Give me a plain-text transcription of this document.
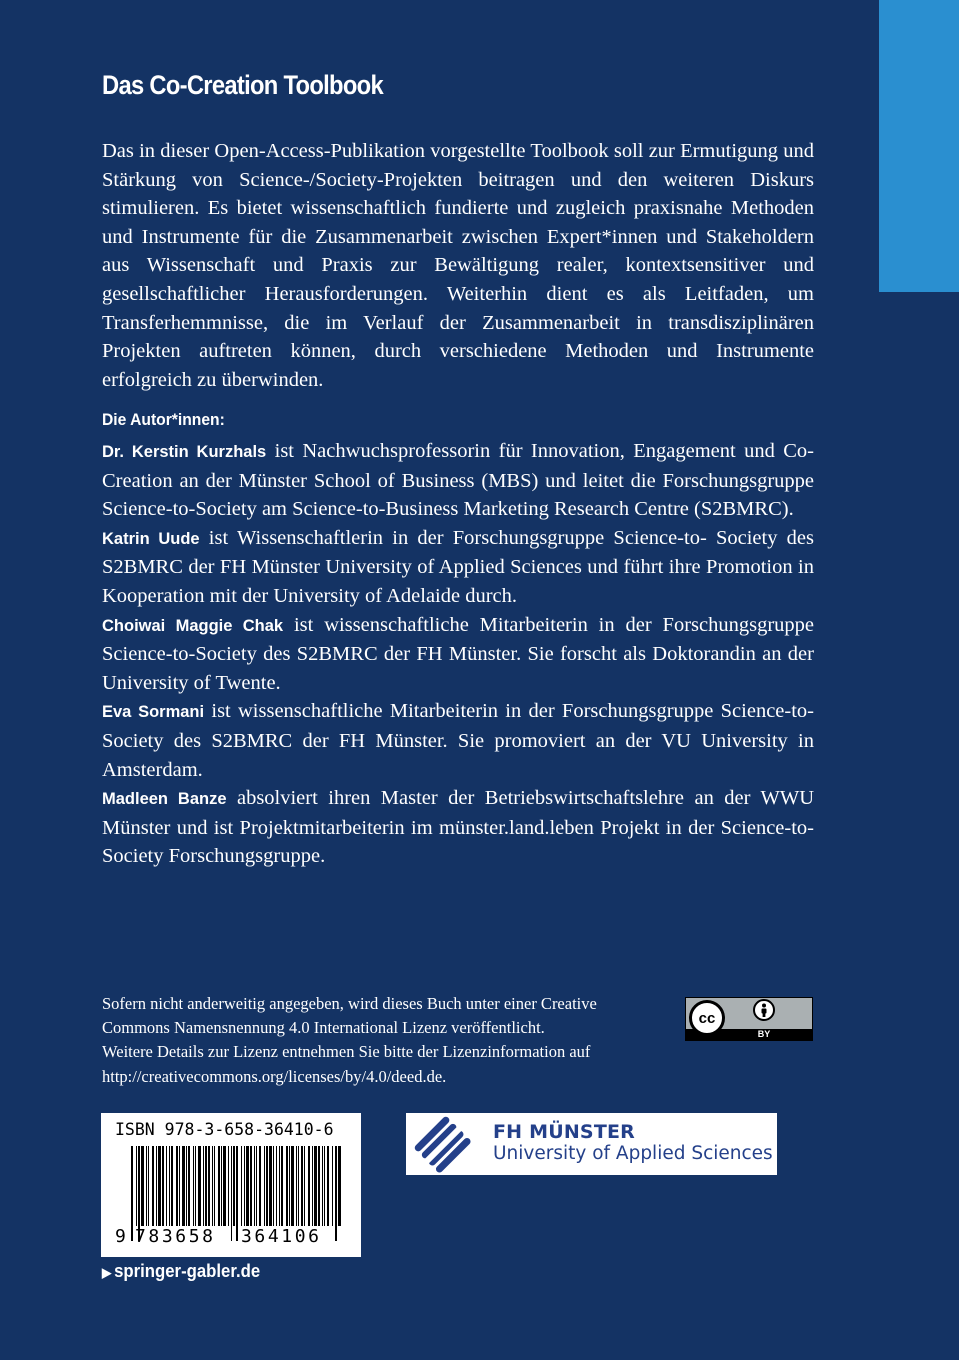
Das Co-Creation Toolbook

Das in dieser Open-Access-Publikation vorgestellte Toolbook soll zur Ermutigung und Stärkung von Science-/Society-Projekten beitragen und den weiteren Diskurs stimulieren. Es bietet wissenschaftlich fundierte und zugleich praxisnahe Methoden und Instrumente für die Zusammenarbeit zwischen Expert*innen und Stakeholdern aus Wissenschaft und Praxis zur Bewältigung realer, kontextsensitiver und gesellschaftlicher Herausforderungen. Weiterhin dient es als Leitfaden, um Transferhemmnisse, die im Verlauf der Zusammenarbeit in transdisziplinären Projekten auftreten können, durch verschiedene Methoden und Instrumente erfolgreich zu überwinden.

Die Autor*innen:

Dr. Kerstin Kurzhals ist Nachwuchsprofessorin für Innovation, Engagement und Co-Creation an der Münster School of Business (MBS) und leitet die Forschungsgruppe Science-to-Society am Science-to-Business Marketing Research Centre (S2BMRC).

Katrin Uude ist Wissenschaftlerin in der Forschungsgruppe Science-to- Society des S2BMRC der FH Münster University of Applied Sciences und führt ihre Promotion in Kooperation mit der University of Adelaide durch.

Choiwai Maggie Chak ist wissenschaftliche Mitarbeiterin in der Forschungsgruppe Science-to-Society des S2BMRC der FH Münster. Sie forscht als Doktorandin an der University of Twente.

Eva Sormani ist wissenschaftliche Mitarbeiterin in der Forschungsgruppe Science-to-Society des S2BMRC der FH Münster. Sie promoviert an der VU University in Amsterdam.

Madleen Banze absolviert ihren Master der Betriebswirtschaftslehre an der WWU Münster und ist Projektmitarbeiterin im münster.land.leben Projekt in der Science-to-Society Forschungsgruppe.

Sofern nicht anderweitig angegeben, wird dieses Buch unter einer Creative
Commons Namensnennung 4.0 International Lizenz veröffentlicht.
Weitere Details zur Lizenz entnehmen Sie bitte der Lizenzinformation auf
http://creativecommons.org/licenses/by/4.0/deed.de.

cc
BY
ISBN 978-3-658-36410-6
9 783658 364106
▶ springer-gabler.de
FH MÜNSTER
University of Applied Sciences
